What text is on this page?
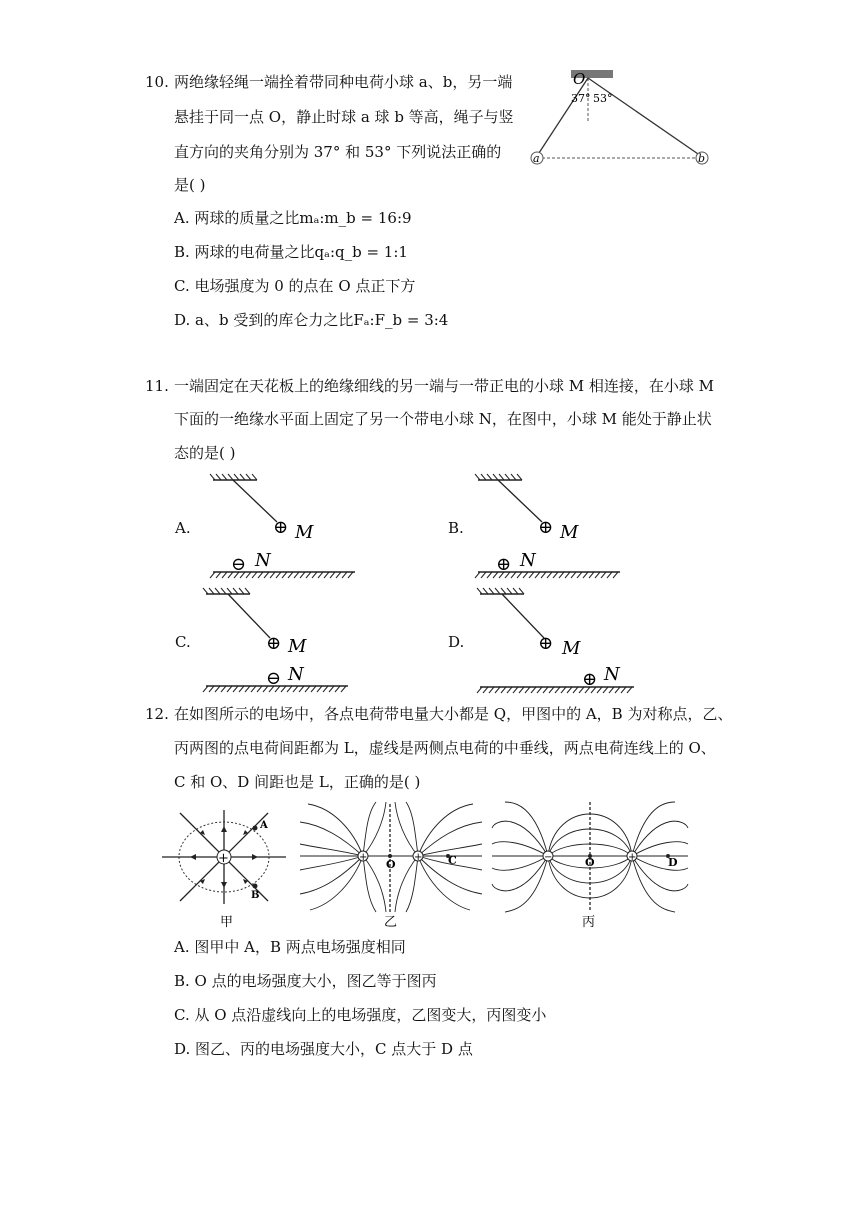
10. 两绝缘轻绳一端拴着带同种电荷小球 a、b，另一端
悬挂于同一点 O，静止时球 a 球 b 等高，绳子与竖
直方向的夹角分别为 37° 和 53° 下列说法正确的
是( )
A. 两球的质量之比mₐ:m_b = 16:9
B. 两球的电荷量之比qₐ:q_b = 1:1
C. 电场强度为 0 的点在 O 点正下方
D. a、b 受到的库仑力之比Fₐ:F_b = 3:4
O
37° 53°
a	b
11. 一端固定在天花板上的绝缘细线的另一端与一带正电的小球 M 相连接，在小球 M
下面的一绝缘水平面上固定了另一个带电小球 N，在图中，小球 M 能处于静止状
态的是( )
A.	⊕ M
⊖ N
B.	⊕ M
⊕ N
C.	⊕ M
⊖ N
D.	⊕ M
⊕ N
12. 在如图所示的电场中，各点电荷带电量大小都是 Q，甲图中的 A，B 为对称点，乙、
丙两图的点电荷间距都为 L，虚线是两侧点电荷的中垂线，两点电荷连线上的 O、
C 和 O、D 间距也是 L，正确的是( )
+
A
B
甲
+	+
O	C
乙
−	+
O	D
丙
A. 图甲中 A，B 两点电场强度相同
B. O 点的电场强度大小，图乙等于图丙
C. 从 O 点沿虚线向上的电场强度，乙图变大，丙图变小
D. 图乙、丙的电场强度大小，C 点大于 D 点
